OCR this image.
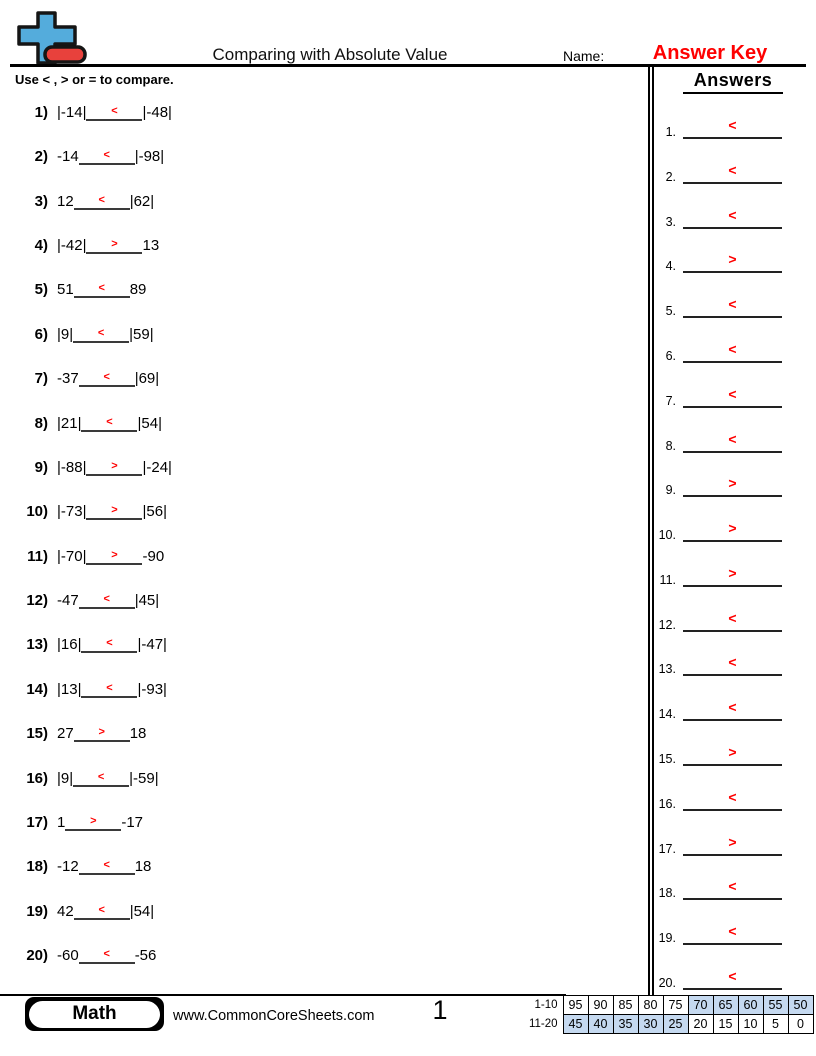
Comparing with Absolute Value	Name:	Answer Key
Use < , > or = to compare.	Answers
1.	<
2.	<
3.	<
4.	>
5.	<
6.	<
7.	<
8.	<
9.	>
10.	>
11.	>
12.	<
13.	<
14.	<
15.	>
16.	<
17.	>
18.	<
19.	<
20.	<
1) |-14|	<	|-48|
2) -14	<	|-98|
3) 12	<	|62|
4) |-42|	>	13
5) 51	<	89
6) |9|	<	|59|
7) -37	<	|69|
8) |21|	<	|54|
9) |-88|	>	|-24|
10) |-73|	>	|56|
11) |-70|	>	-90
12) -47	<	|45|
13) |16|	<	|-47|
14) |13|	<	|-93|
15) 27	>	18
16) |9|	<	|-59|
17) 1	>	-17
18) -12	<	18
19) 42	<	|54|
20) -60	<	-56
Math	www.CommonCoreSheets.com	1	1-10	95	90	85	80	75	70	65	60	55	50
11-20	45	40	35	30	25	20	15	10	5	0
